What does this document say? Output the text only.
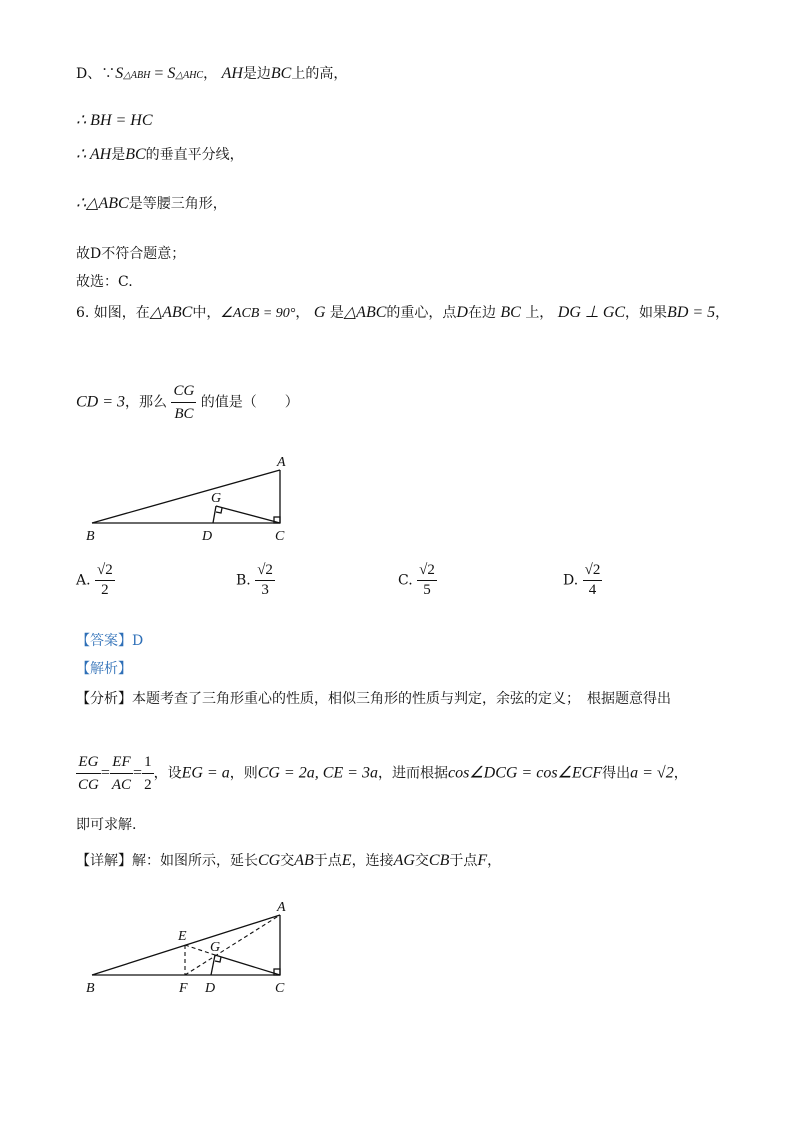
D、∵S△ABH = S△AHC， AH是边BC上的高，
∴ BH = HC
∴ AH是BC的垂直平分线，
∴△ABC是等腰三角形，
故D不符合题意；
故选：C.
6. 如图，在△ABC中，∠ACB = 90°， G 是△ABC的重心，点D在边 BC 上， DG ⊥ GC，如果BD = 5，
CD = 3，那么 $\frac{CG}{BC}$ 的值是（　　）
A
G
B	D	C
A. $\frac{√2}{2}$	B. $\frac{√2}{3}$	C. $\frac{√2}{5}$	D. $\frac{√2}{4}$
【答案】D
【解析】
【分析】本题考查了三角形重心的性质，相似三角形的性质与判定，余弦的定义；　根据题意得出
$\frac{EG}{CG} = \frac{EF}{AC} = \frac{1}{2}$ ，设EG = a，则CG = 2a, CE = 3a，进而根据cos∠DCG = cos∠ECF得出a = √2，
即可求解.
【详解】解：如图所示，延长CG交AB于点E，连接AG交CB于点F，
A
E
G
B	F D	C
